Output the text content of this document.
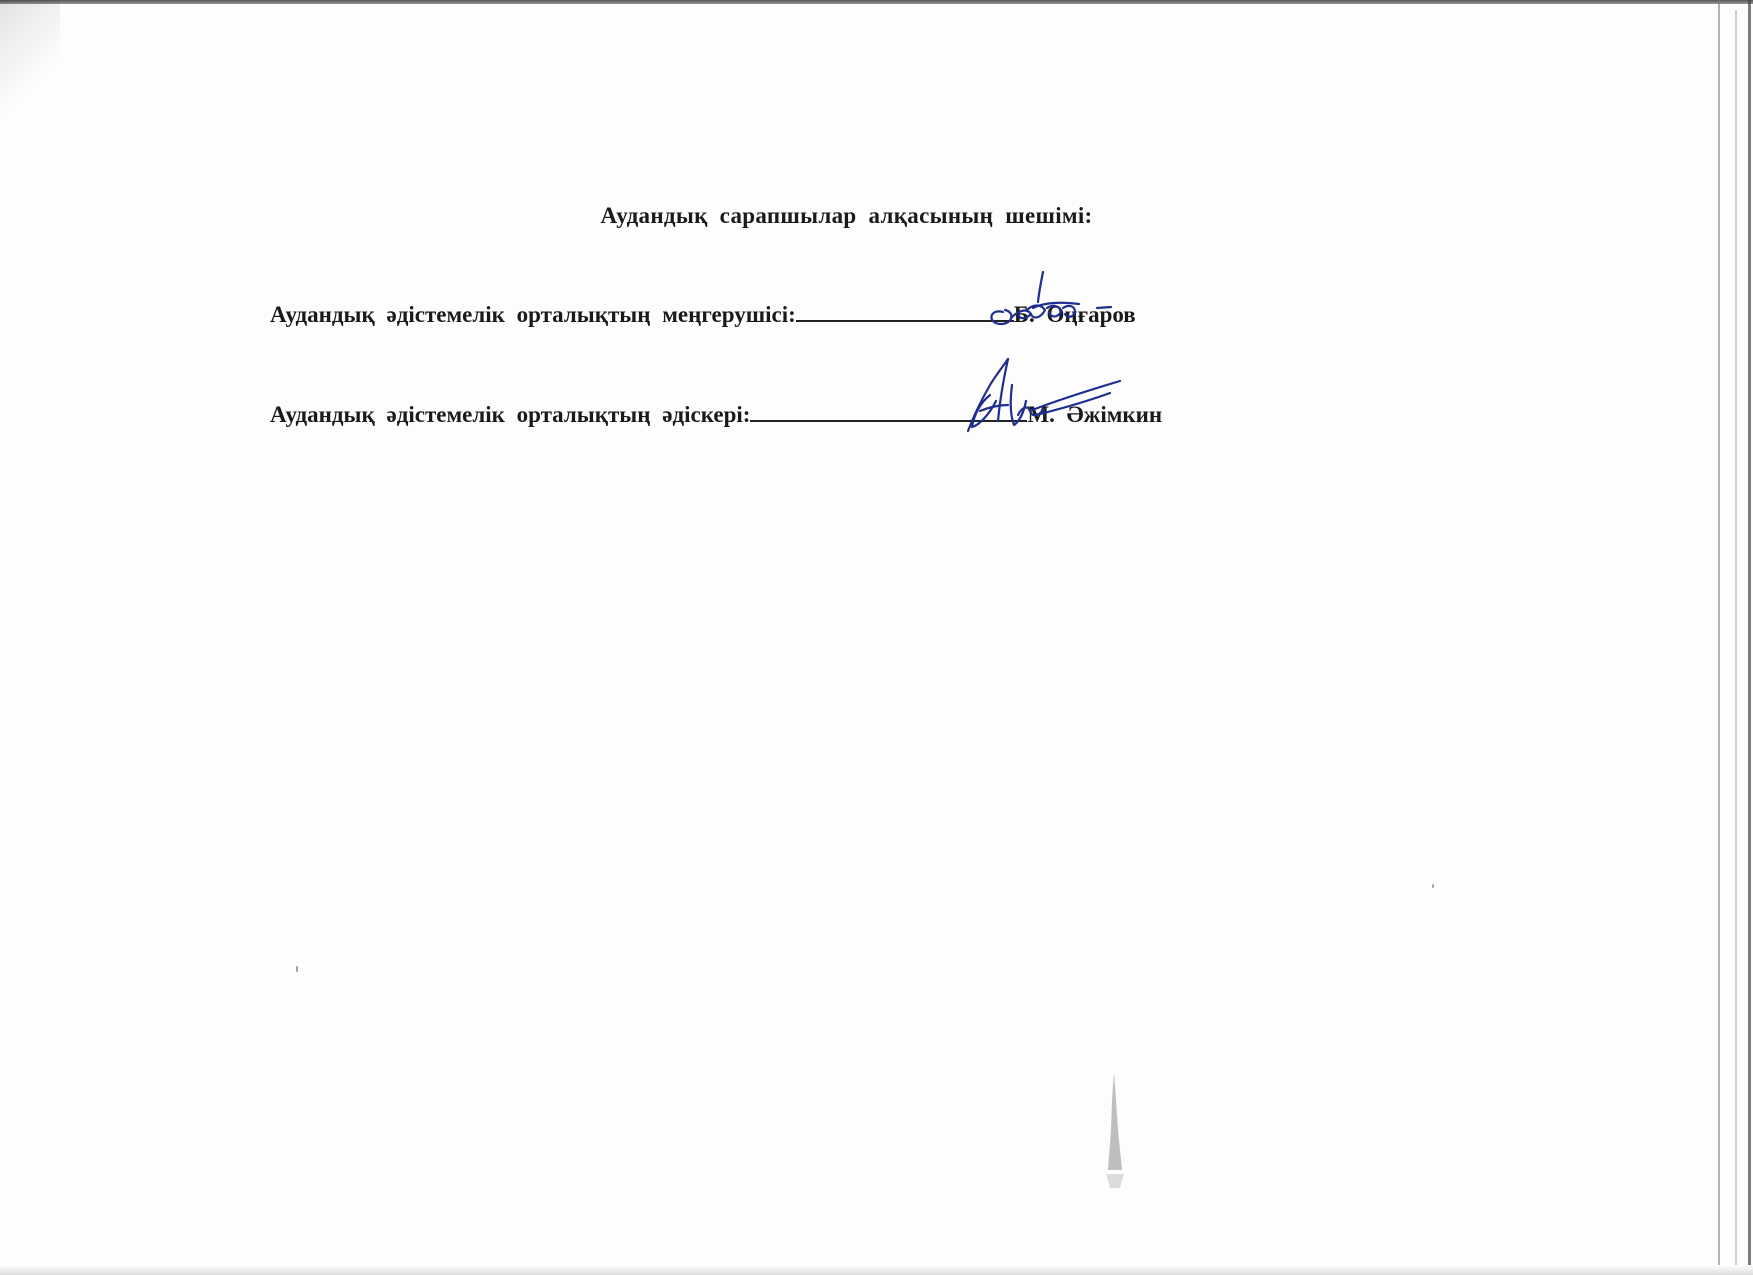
Аудандық сарапшылар алқасының шешімі:
Аудандық әдістемелік орталықтың меңгерушісі:	Б. Оңғаров
Аудандық әдістемелік орталықтың әдіскері:	М. Әжімкин
